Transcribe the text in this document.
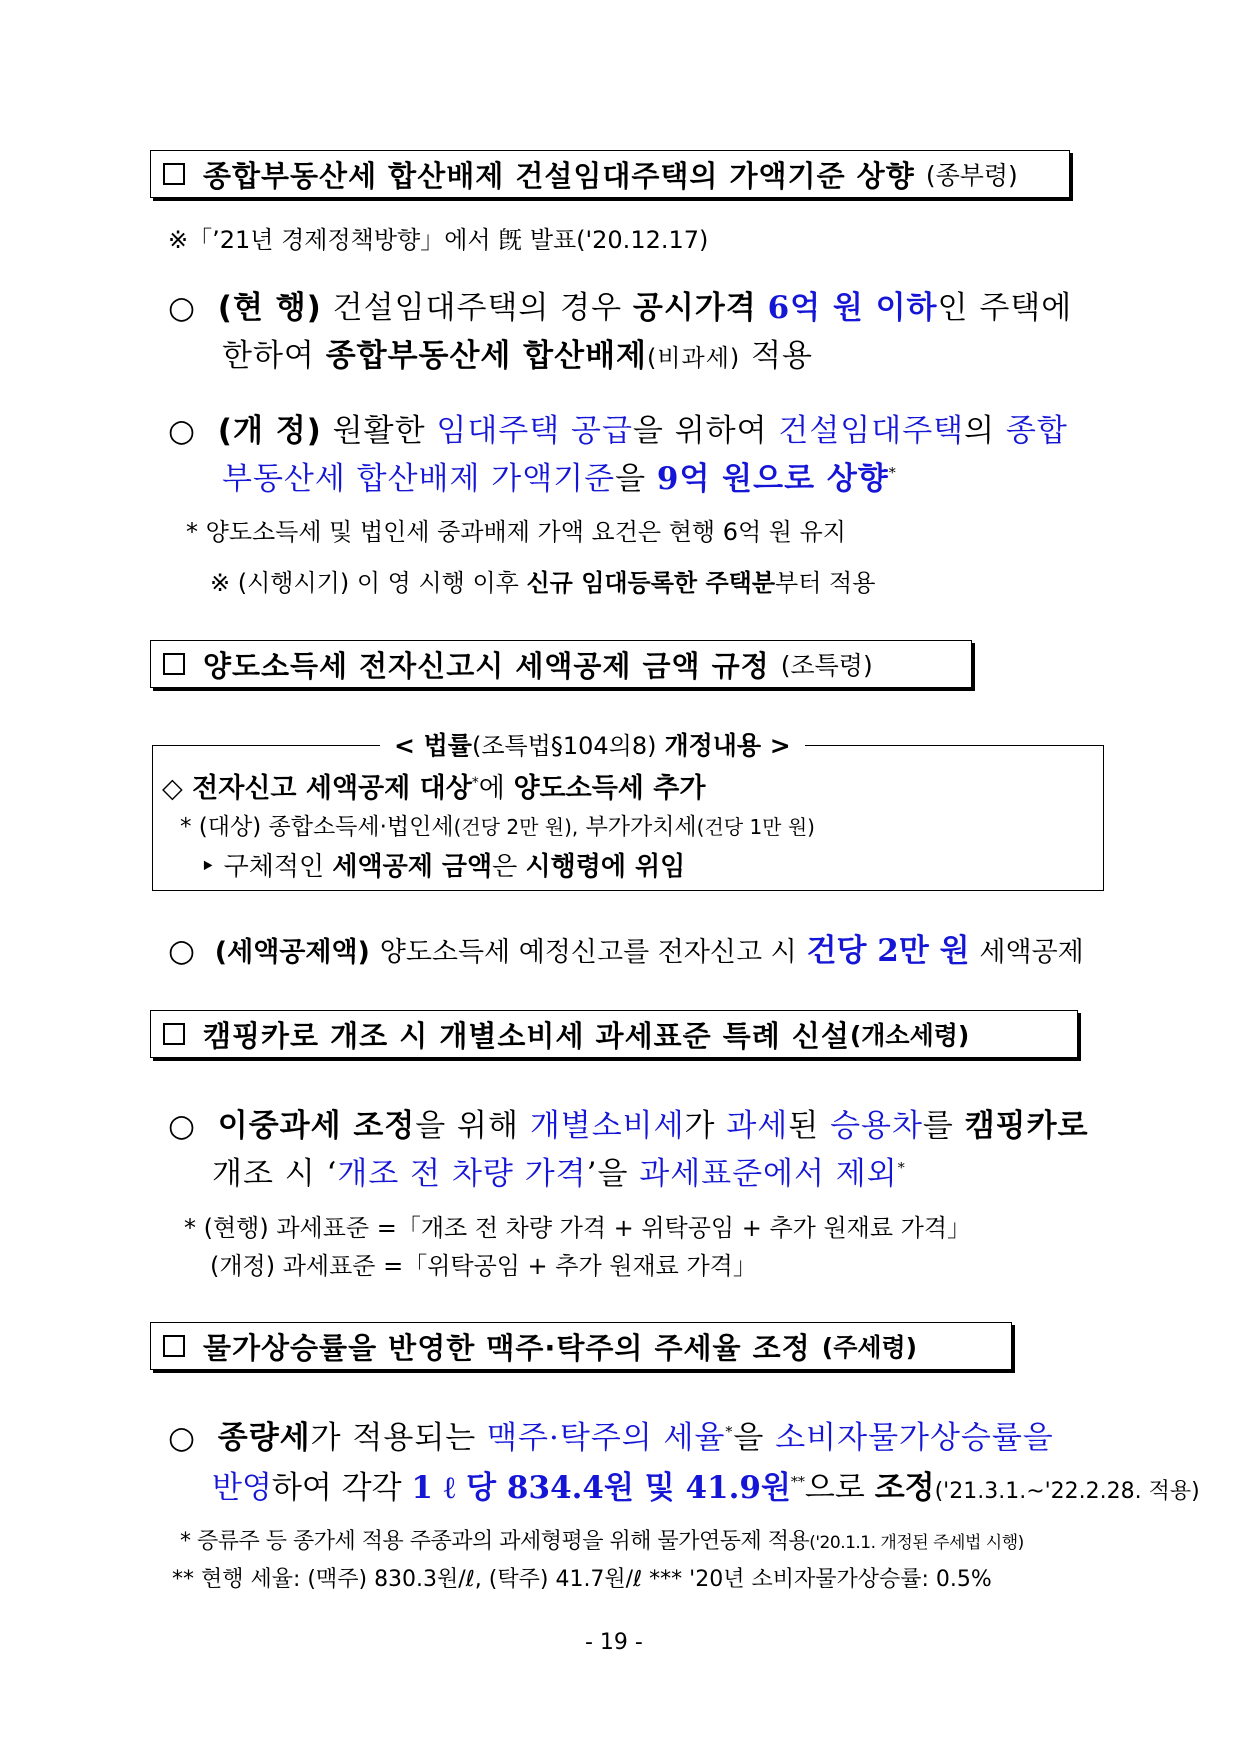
종합부동산세 합산배제 건설임대주택의 가액기준 상향
(종부령)
※「’21년 경제정책방향」에서 旣 발표('20.12.17)
○ (현 행) 건설임대주택의 경우 공시가격 6억 원 이하인 주택에
한하여 종합부동산세 합산배제(비과세) 적용
○ (개 정) 원활한 임대주택 공급을 위하여 건설임대주택의 종합
부동산세 합산배제 가액기준을 9억 원으로 상향*
* 양도소득세 및 법인세 중과배제 가액 요건은 현행 6억 원 유지
※ (시행시기) 이 영 시행 이후 신규 임대등록한 주택분부터 적용
양도소득세 전자신고시 세액공제 금액 규정
(조특령)
< 법률(조특법§104의8) 개정내용 >
◇ 전자신고 세액공제 대상*에 양도소득세 추가
* (대상) 종합소득세·법인세(건당 2만 원), 부가가치세(건당 1만 원)
‣ 구체적인 세액공제 금액은 시행령에 위임
○ (세액공제액) 양도소득세 예정신고를 전자신고 시 건당 2만 원 세액공제
캠핑카로 개조 시 개별소비세 과세표준 특례 신설 (개소세령)
○ 이중과세 조정을 위해 개별소비세가 과세된 승용차를 캠핑카로
개조 시 ‘개조 전 차량 가격’을 과세표준에서 제외*
* (현행) 과세표준 =「개조 전 차량 가격 + 위탁공임 + 추가 원재료 가격」
(개정) 과세표준 =「위탁공임 + 추가 원재료 가격」
물가상승률을 반영한 맥주·탁주의 주세율 조정
(주세령)
○ 종량세가 적용되는 맥주·탁주의 세율*을 소비자물가상승률을
반영하여 각각 1 ℓ 당 834.4원 및 41.9원**으로 조정('21.3.1.~'22.2.28. 적용)
* 증류주 등 종가세 적용 주종과의 과세형평을 위해 물가연동제 적용('20.1.1. 개정된 주세법 시행)
** 현행 세율: (맥주) 830.3원/ℓ, (탁주) 41.7원/ℓ *** '20년 소비자물가상승률: 0.5%
- 19 -
